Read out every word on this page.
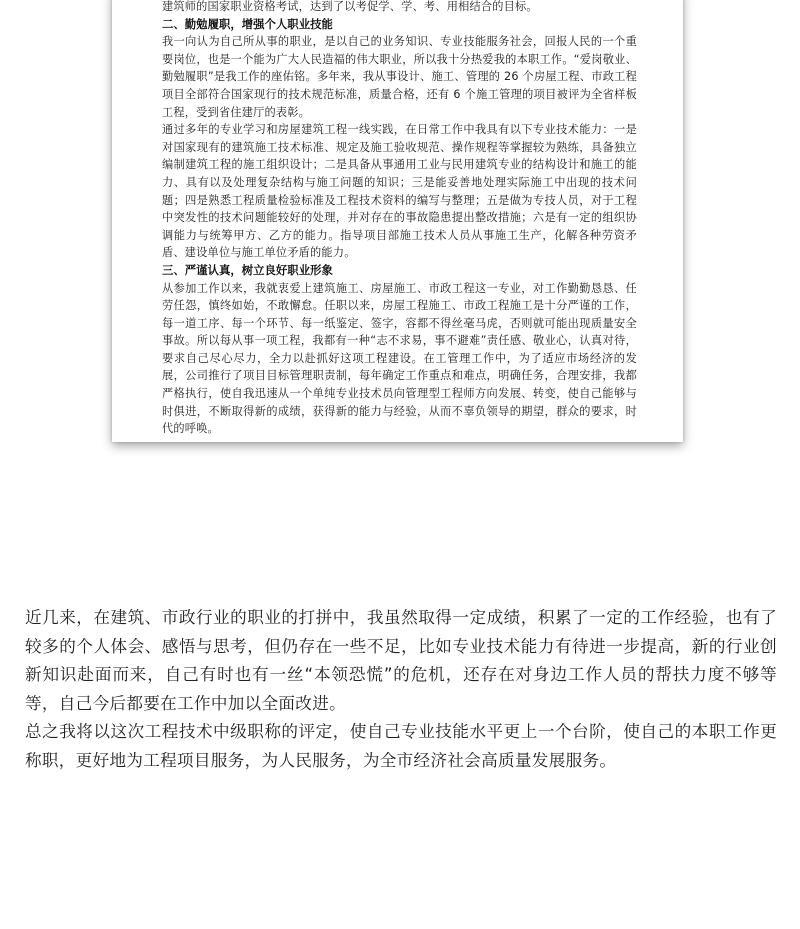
建筑师的国家职业资格考试，达到了以考促学、学、考、用相结合的目标。

二、勤勉履职，增强个人职业技能

我一向认为自己所从事的职业，是以自己的业务知识、专业技能服务社会，回报人民的一个重要岗位，也是一个能为广大人民造福的伟大职业，所以我十分热爱我的本职工作。“爱岗敬业、勤勉履职”是我工作的座佑铭。多年来，我从事设计、施工、管理的 26 个房屋工程、市政工程项目全部符合国家现行的技术规范标准，质量合格，还有 6 个施工管理的项目被评为全省样板工程，受到省住建厅的表彰。

通过多年的专业学习和房屋建筑工程一线实践，在日常工作中我具有以下专业技术能力：一是对国家现有的建筑施工技术标准、规定及施工验收规范、操作规程等掌握较为熟练，具备独立编制建筑工程的施工组织设计；二是具备从事通用工业与民用建筑专业的结构设计和施工的能力、具有以及处理复杂结构与施工问题的知识；三是能妥善地处理实际施工中出现的技术问题；四是熟悉工程质量检验标准及工程技术资料的编写与整理；五是做为专技人员，对于工程中突发性的技术问题能较好的处理，并对存在的事故隐患提出整改措施；六是有一定的组织协调能力与统筹甲方、乙方的能力。指导项目部施工技术人员从事施工生产，化解各种劳资矛盾、建设单位与施工单位矛盾的能力。

三、严谨认真，树立良好职业形象

从参加工作以来，我就衷爱上建筑施工、房屋施工、市政工程这一专业，对工作勤勤恳恳、任劳任怨，慎终如始，不敢懈怠。任职以来，房屋工程施工、市政工程施工是十分严谨的工作，每一道工序、每一个环节、每一纸鉴定、签字，容都不得丝毫马虎，否则就可能出现质量安全事故。所以每从事一项工程，我都有一种“志不求易，事不避难”责任感、敬业心，认真对待，要求自己尽心尽力，全力以赴抓好这项工程建设。在工管理工作中，为了适应市场经济的发展，公司推行了项目目标管理职责制，每年确定工作重点和难点，明确任务，合理安排，我都严格执行，使自我迅速从一个单纯专业技术员向管理型工程师方向发展、转变，使自己能够与时俱进，不断取得新的成绩，获得新的能力与经验，从而不辜负领导的期望，群众的要求，时代的呼唤。

近几来，在建筑、市政行业的职业的打拼中，我虽然取得一定成绩，积累了一定的工作经验，也有了较多的个人体会、感悟与思考，但仍存在一些不足，比如专业技术能力有待进一步提高，新的行业创新知识赴面而来，自己有时也有一丝“本领恐慌”的危机，还存在对身边工作人员的帮扶力度不够等等，自己今后都要在工作中加以全面改进。

总之我将以这次工程技术中级职称的评定，使自己专业技能水平更上一个台阶，使自己的本职工作更称职，更好地为工程项目服务，为人民服务，为全市经济社会高质量发展服务。
